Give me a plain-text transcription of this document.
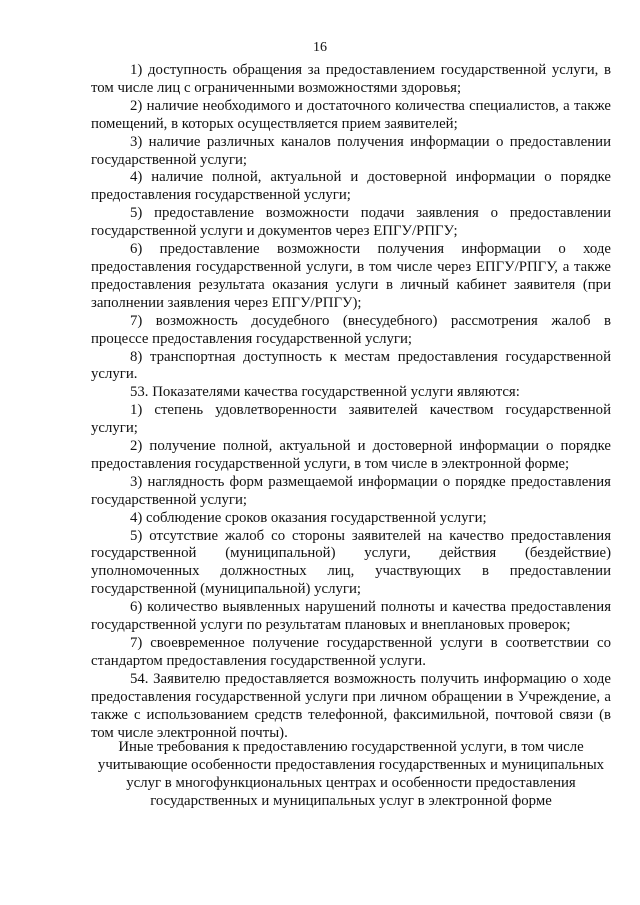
16

1) доступность обращения за предоставлением государственной услуги, в том числе лиц с ограниченными возможностями здоровья;

2) наличие необходимого и достаточного количества специалистов, а также помещений, в которых осуществляется прием заявителей;

3) наличие различных каналов получения информации о предоставлении государственной услуги;

4) наличие полной, актуальной и достоверной информации о порядке предоставления государственной услуги;

5) предоставление возможности подачи заявления о предоставлении государственной услуги и документов через ЕПГУ/РПГУ;

6) предоставление возможности получения информации о ходе предоставления государственной услуги, в том числе через ЕПГУ/РПГУ, а также предоставления результата оказания услуги в личный кабинет заявителя (при заполнении заявления через ЕПГУ/РПГУ);

7) возможность досудебного (внесудебного) рассмотрения жалоб в процессе предоставления государственной услуги;

8) транспортная доступность к местам предоставления государственной услуги.

53. Показателями качества государственной услуги являются:

1) степень удовлетворенности заявителей качеством государственной услуги;

2) получение полной, актуальной и достоверной информации о порядке предоставления государственной услуги, в том числе в электронной форме;

3) наглядность форм размещаемой информации о порядке предоставления государственной услуги;

4) соблюдение сроков оказания государственной услуги;

5) отсутствие жалоб со стороны заявителей на качество предоставления государственной (муниципальной) услуги, действия (бездействие) уполномоченных должностных лиц, участвующих в предоставлении государственной (муниципальной) услуги;

6) количество выявленных нарушений полноты и качества предоставления государственной услуги по результатам плановых и внеплановых проверок;

7) своевременное получение государственной услуги в соответствии со стандартом предоставления государственной услуги.

54. Заявителю предоставляется возможность получить информацию о ходе предоставления государственной услуги при личном обращении в Учреждение, а также с использованием средств телефонной, факсимильной, почтовой связи (в том числе электронной почты).

Иные требования к предоставлению государственной услуги, в том числе учитывающие особенности предоставления государственных и муниципальных услуг в многофункциональных центрах и особенности предоставления государственных и муниципальных услуг в электронной форме
